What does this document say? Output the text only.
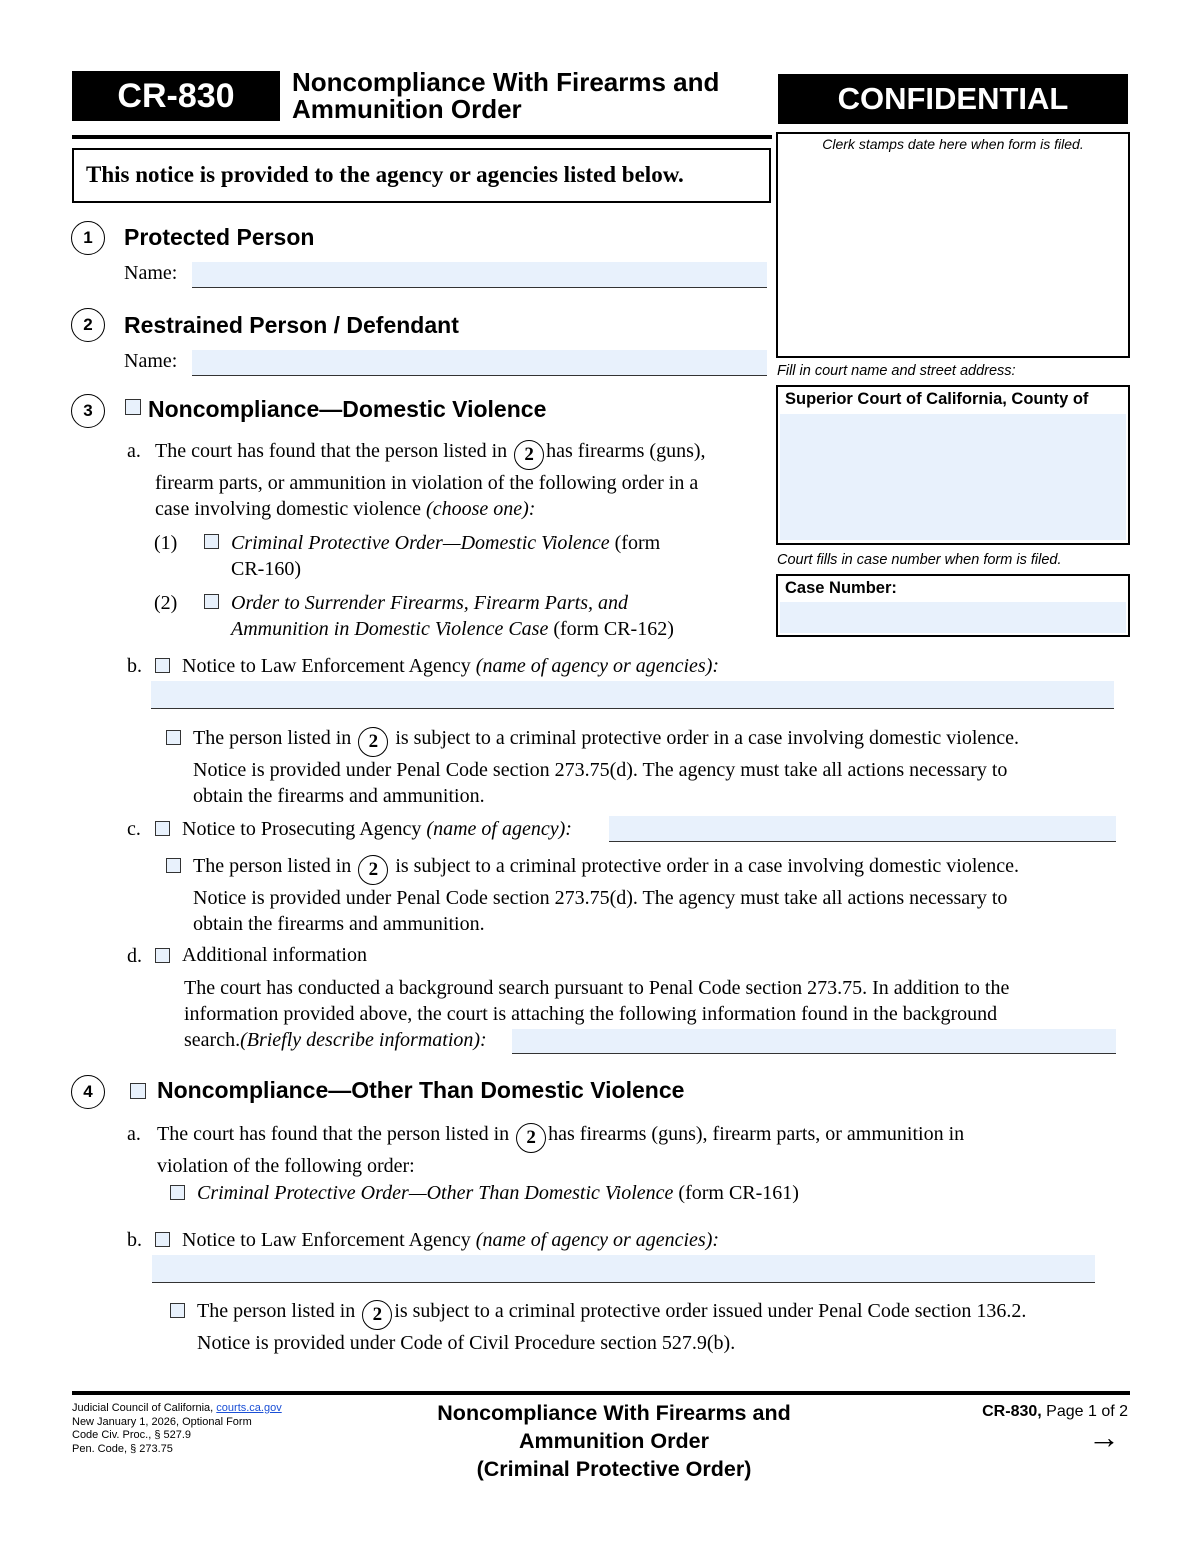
CR-830 Noncompliance With Firearms and
Ammunition Order	CONFIDENTIAL
Clerk stamps date here when form is filed.
Fill in court name and street address:
Superior Court of California, County of
Court fills in case number when form is filed.
Case Number:
This notice is provided to the agency or agencies listed below.
1	Protected Person
Name:
2	Restrained Person / Defendant
Name:
3	Noncompliance—Domestic Violence
a. The court has found that the person listed in 2 has firearms (guns),
firearm parts, or ammunition in violation of the following order in a
case involving domestic violence (choose one):
(1)	Criminal Protective Order—Domestic Violence (form
CR-160)
(2)	Order to Surrender Firearms, Firearm Parts, and
Ammunition in Domestic Violence Case (form CR-162)
b. Notice to Law Enforcement Agency (name of agency or agencies):
The person listed in 2 is subject to a criminal protective order in a case involving domestic violence.
Notice is provided under Penal Code section 273.75(d). The agency must take all actions necessary to
obtain the firearms and ammunition.
c. Notice to Prosecuting Agency (name of agency):
The person listed in 2 is subject to a criminal protective order in a case involving domestic violence.
Notice is provided under Penal Code section 273.75(d). The agency must take all actions necessary to
obtain the firearms and ammunition.
d. Additional information
The court has conducted a background search pursuant to Penal Code section 273.75. In addition to the
information provided above, the court is attaching the following information found in the background
search.(Briefly describe information):
4	Noncompliance—Other Than Domestic Violence
a. The court has found that the person listed in 2 has firearms (guns), firearm parts, or ammunition in
violation of the following order:
Criminal Protective Order—Other Than Domestic Violence (form CR-161)
b. Notice to Law Enforcement Agency (name of agency or agencies):
The person listed in 2 is subject to a criminal protective order issued under Penal Code section 136.2.
Notice is provided under Code of Civil Procedure section 527.9(b).
Judicial Council of California, courts.ca.gov
New January 1, 2026, Optional Form
Code Civ. Proc., § 527.9
Pen. Code, § 273.75
Noncompliance With Firearms and
Ammunition Order
(Criminal Protective Order)
CR-830, Page 1 of 2
→
